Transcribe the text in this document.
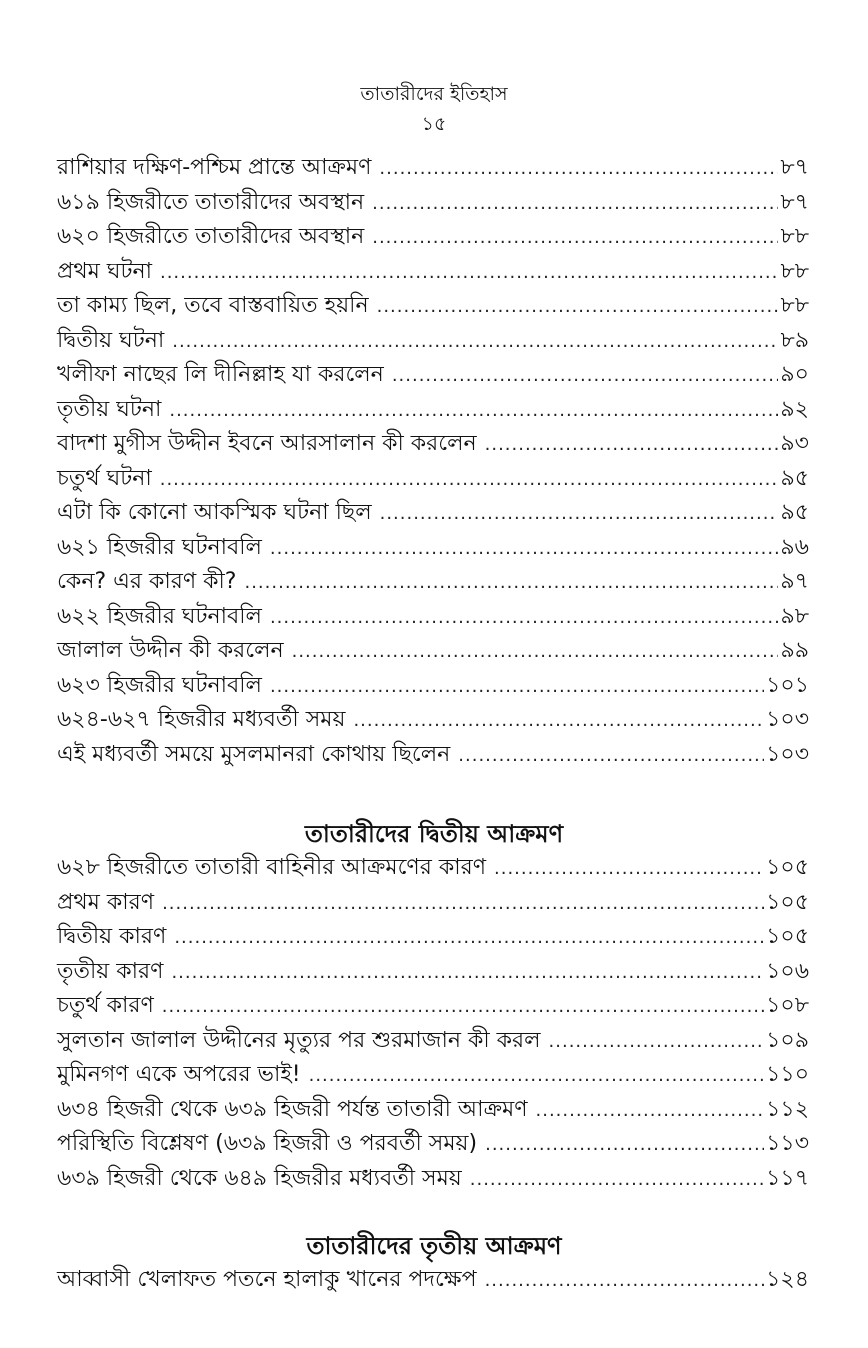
তাতারীদের ইতিহাস
১৫
রাশিয়ার দক্ষিণ-পশ্চিম প্রান্তে আক্রমণ .....	৮৭
৬১৯ হিজরীতে তাতারীদের অবস্থান .....	৮৭
৬২০ হিজরীতে তাতারীদের অবস্থান .....	৮৮
প্রথম ঘটনা .....	৮৮
তা কাম্য ছিল, তবে বাস্তবায়িত হয়নি .....	৮৮
দ্বিতীয় ঘটনা .....	৮৯
খলীফা নাছের লি দীনিল্লাহ যা করলেন .....	৯০
তৃতীয় ঘটনা .....	৯২
বাদশা মুগীস উদ্দীন ইবনে আরসালান কী করলেন .....	৯৩
চতুর্থ ঘটনা .....	৯৫
এটা কি কোনো আকস্মিক ঘটনা ছিল .....	৯৫
৬২১ হিজরীর ঘটনাবলি .....	৯৬
কেন? এর কারণ কী? .....	৯৭
৬২২ হিজরীর ঘটনাবলি .....	৯৮
জালাল উদ্দীন কী করলেন .....	৯৯
৬২৩ হিজরীর ঘটনাবলি .....	১০১
৬২৪-৬২৭ হিজরীর মধ্যবর্তী সময় .....	১০৩
এই মধ্যবর্তী সময়ে মুসলমানরা কোথায় ছিলেন .....	১০৩
তাতারীদের দ্বিতীয় আক্রমণ
৬২৮ হিজরীতে তাতারী বাহিনীর আক্রমণের কারণ .....	১০৫
প্রথম কারণ .....	১০৫
দ্বিতীয় কারণ .....	১০৫
তৃতীয় কারণ .....	১০৬
চতুর্থ কারণ .....	১০৮
সুলতান জালাল উদ্দীনের মৃত্যুর পর শুরমাজান কী করল .....	১০৯
মুমিনগণ একে অপরের ভাই! .....	১১০
৬৩৪ হিজরী থেকে ৬৩৯ হিজরী পর্যন্ত তাতারী আক্রমণ .....	১১২
পরিস্থিতি বিশ্লেষণ (৬৩৯ হিজরী ও পরবর্তী সময়) .....	১১৩
৬৩৯ হিজরী থেকে ৬৪৯ হিজরীর মধ্যবর্তী সময় .....	১১৭
তাতারীদের তৃতীয় আক্রমণ
আব্বাসী খেলাফত পতনে হালাকু খানের পদক্ষেপ .....	১২৪
